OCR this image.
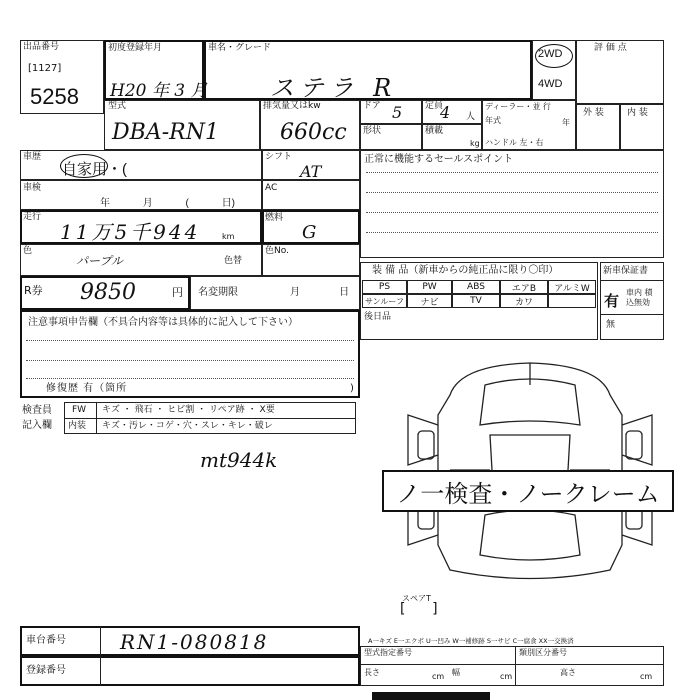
出品番号
[1127]
5258
初度登録年月
H20 年 3 月
車名・グレード
ステラ R
2WD
4WD
評 価 点
型式
DBA-RN1
排気量又はkw
660cc
ドア 5	定員
4 人
ディーラー・並 行
年式	年
ハンドル 左・右
形状	積載
kg
外 装	内 装
車歴
自家用・(
車検
年 月 ( 日)
走行
11万5千944	km
色
パープル	色替
R券 9850	円 名変期限	月 日
注意事項申告欄（不具合内容等は具体的に記入して下さい）
修復歴 有（箇所	)
シフト
AT
AC
燃料
G
色No.
正常に機能するセールスポイント
装 備 品（新車からの純正品に限り〇印）
PS	PW	ABS	エアB	アルミW
サンルーフ	ナビ	TV	カワ
後日品
新車保証書
有
車内 積込無効
無
検査員
記入欄
FW キズ ・ 飛石 ・ ヒビ割 ・ リペア跡 ・ X要
内装 キズ・汚レ・コゲ・穴・スレ・キレ・破レ
mt944k
ノ一検査・ノークレーム
スペアT
[      ]
車台番号	RN1-080818
登録番号
A一キズ E一エクボ U一凹み W一補修跡 S一サビ C一腐食 XX一交換済
型式指定番号	類別区分番号
長さ	cm 幅	cm	高さ	cm
